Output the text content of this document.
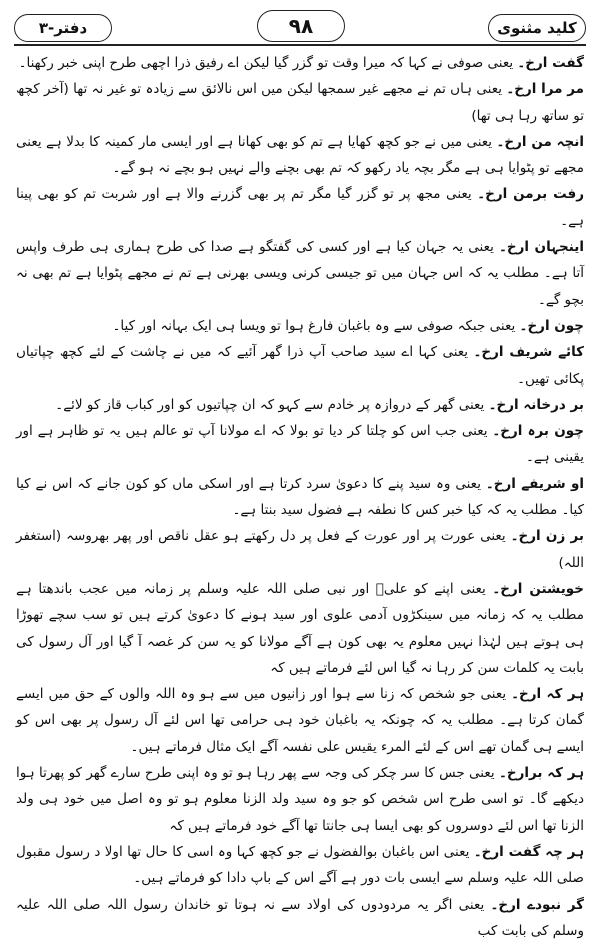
دفتر-۳	۹۸	کلید مثنوی

گفت ارخ۔ یعنی صوفی نے کہا کہ میرا وقت تو گزر گیا لیکن اے رفیق ذرا اچھی طرح اپنی خبر رکھنا۔

مر مرا ارخ۔ یعنی ہاں تم نے مجھے غیر سمجھا لیکن میں اس نالائق سے زیادہ تو غیر نہ تھا (آخر کچھ تو ساتھ رہا ہی تھا)

انچہ من ارخ۔ یعنی میں نے جو کچھ کھایا ہے تم کو بھی کھانا ہے اور ایسی مار کمینہ کا بدلا ہے یعنی مجھے تو پٹوایا ہی ہے مگر بچہ یاد رکھو کہ تم بھی بچنے والے نہیں ہو بچے نہ ہو گے۔

رفت برمن ارخ۔ یعنی مجھ پر تو گزر گیا مگر تم پر بھی گزرنے والا ہے اور شربت تم کو بھی پینا ہے۔

اینجہان ارخ۔ یعنی یہ جہان کیا ہے اور کسی کی گفتگو ہے صدا کی طرح ہماری ہی طرف واپس آتا ہے۔ مطلب یہ کہ اس جہان میں تو جیسی کرنی ویسی بھرنی ہے تم نے مجھے پٹوایا ہے تم بھی نہ بچو گے۔

چون ارخ۔ یعنی جبکہ صوفی سے وہ باغبان فارغ ہوا تو ویسا ہی ایک بہانہ اور کیا۔

کائے شریف ارخ۔ یعنی کہا اے سید صاحب آپ ذرا گھر آئیے کہ میں نے چاشت کے لئے کچھ چپاتیاں پکائی تھیں۔

بر درخانہ ارخ۔ یعنی گھر کے دروازہ پر خادم سے کہو کہ ان چپاتیوں کو اور کباب قاز کو لائے۔

چون برہ ارخ۔ یعنی جب اس کو چلتا کر دیا تو بولا کہ اے مولانا آپ تو عالم ہیں یہ تو ظاہر ہے اور یقینی ہے۔

او شریفے ارخ۔ یعنی وہ سید پنے کا دعویٰ سرد کرتا ہے اور اسکی ماں کو کون جانے کہ اس نے کیا کیا۔ مطلب یہ کہ کیا خبر کس کا نطفہ ہے فضول سید بنتا ہے۔

بر زن ارخ۔ یعنی عورت پر اور عورت کے فعل پر دل رکھتے ہو عقل ناقص اور پھر بھروسہ (استغفر اللہ)

خویشتن ارخ۔ یعنی اپنے کو علیؓ اور نبی صلی اللہ علیہ وسلم پر زمانہ میں عجب باندھتا ہے مطلب یہ کہ زمانہ میں سینکڑوں آدمی علوی اور سید ہونے کا دعویٰ کرتے ہیں تو سب سچے تھوڑا ہی ہوتے ہیں لہٰذا نہیں معلوم یہ بھی کون ہے آگے مولانا کو یہ سن کر غصہ آ گیا اور آل رسول کی بابت یہ کلمات سن کر رہا نہ گیا اس لئے فرماتے ہیں کہ

ہر کہ ارخ۔ یعنی جو شخص کہ زنا سے ہوا اور زانیوں میں سے ہو وہ اللہ والوں کے حق میں ایسے گمان کرتا ہے۔ مطلب یہ کہ چونکہ یہ باغبان خود ہی حرامی تھا اس لئے آل رسول پر بھی اس کو ایسے ہی گمان تھے اس کے لئے المرء یقیس علی نفسہ آگے ایک مثال فرماتے ہیں۔

ہر کہ برارخ۔ یعنی جس کا سر چکر کی وجہ سے پھر رہا ہو تو وہ اپنی طرح سارے گھر کو پھرتا ہوا دیکھے گا۔ تو اسی طرح اس شخص کو جو وہ سید ولد الزنا معلوم ہو تو وہ اصل میں خود ہی ولد الزنا تھا اس لئے دوسروں کو بھی ایسا ہی جانتا تھا آگے خود فرماتے ہیں کہ

ہر چہ گفت ارخ۔ یعنی اس باغبان بوالفضول نے جو کچھ کہا وہ اسی کا حال تھا اولا د رسول مقبول صلی اللہ علیہ وسلم سے ایسی بات دور ہے آگے اس کے باپ دادا کو فرماتے ہیں۔

گر نبودے ارخ۔ یعنی اگر یہ مردودوں کی اولاد سے نہ ہوتا تو خاندان رسول اللہ صلی اللہ علیہ وسلم کی بابت کب
